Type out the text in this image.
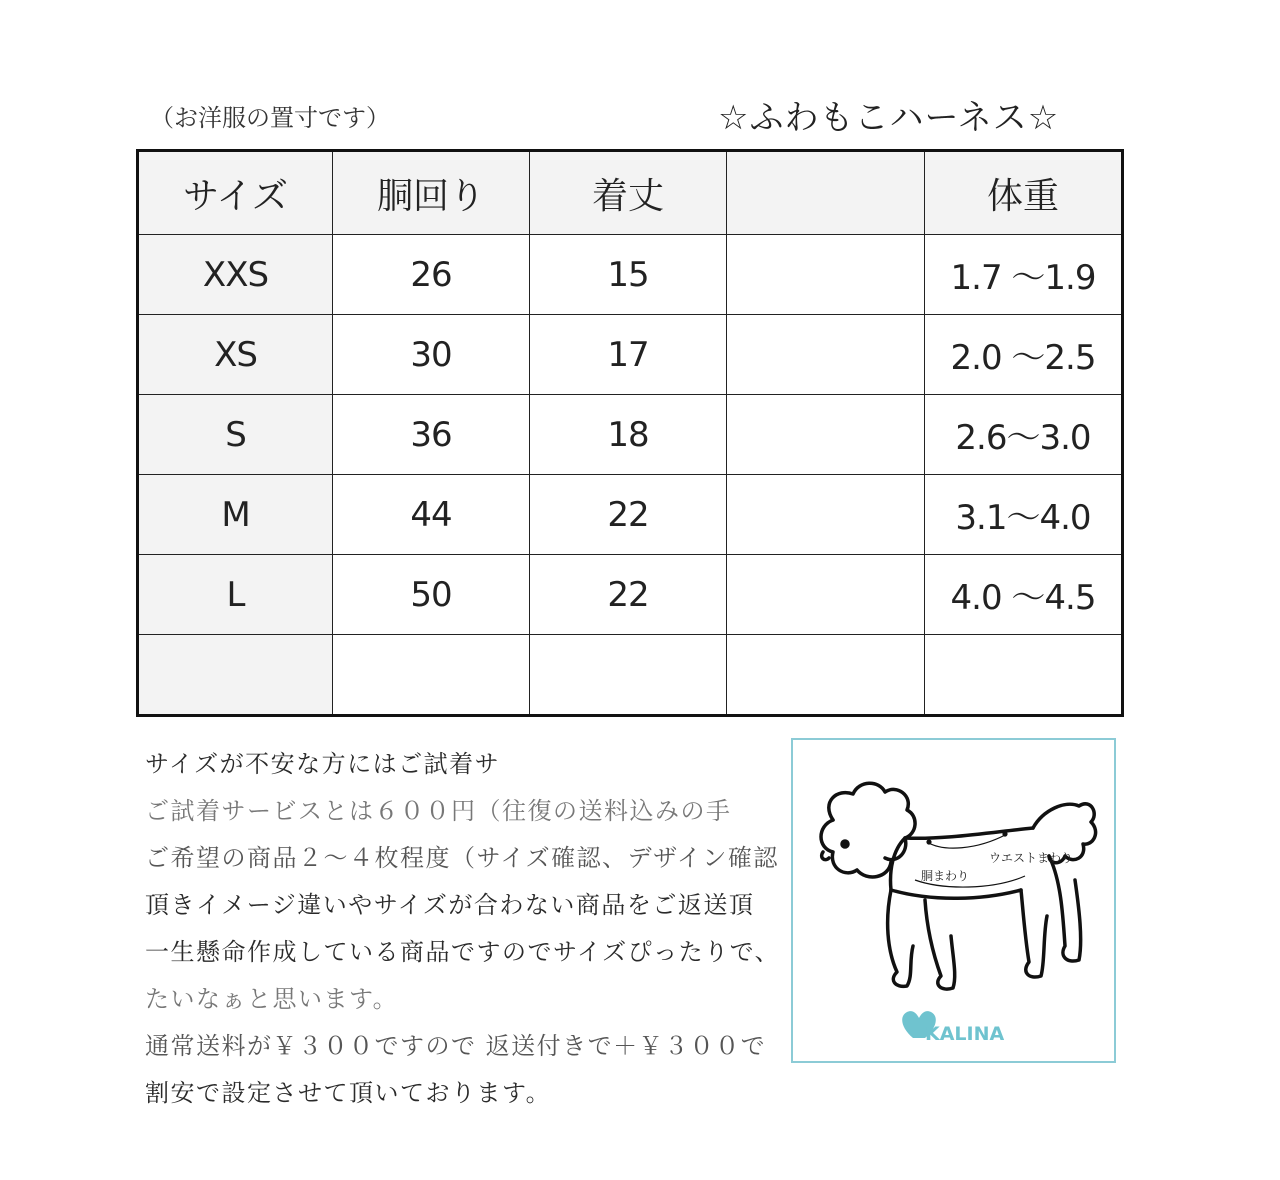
（お洋服の置寸です）	☆ふわもこハーネス☆
サイズ	胴回り	着丈		体重
XXS	26	15		1.7 〜1.9
XS	30	17		2.0 〜2.5
S	36	18		2.6〜3.0
M	44	22		3.1〜4.0
L	50	22		4.0 〜4.5

サイズが不安な方にはご試着サ
ご試着サービスとは６００円（往復の送料込みの手
ご希望の商品２～４枚程度（サイズ確認、デザイン確認
頂きイメージ違いやサイズが合わない商品をご返送頂
一生懸命作成している商品ですのでサイズぴったりで、
たいなぁと思います。
通常送料が￥３００ですので 返送付きで＋￥３００で
割安で設定させて頂いております。
胴まわり
ウエストまわり
KALINA
